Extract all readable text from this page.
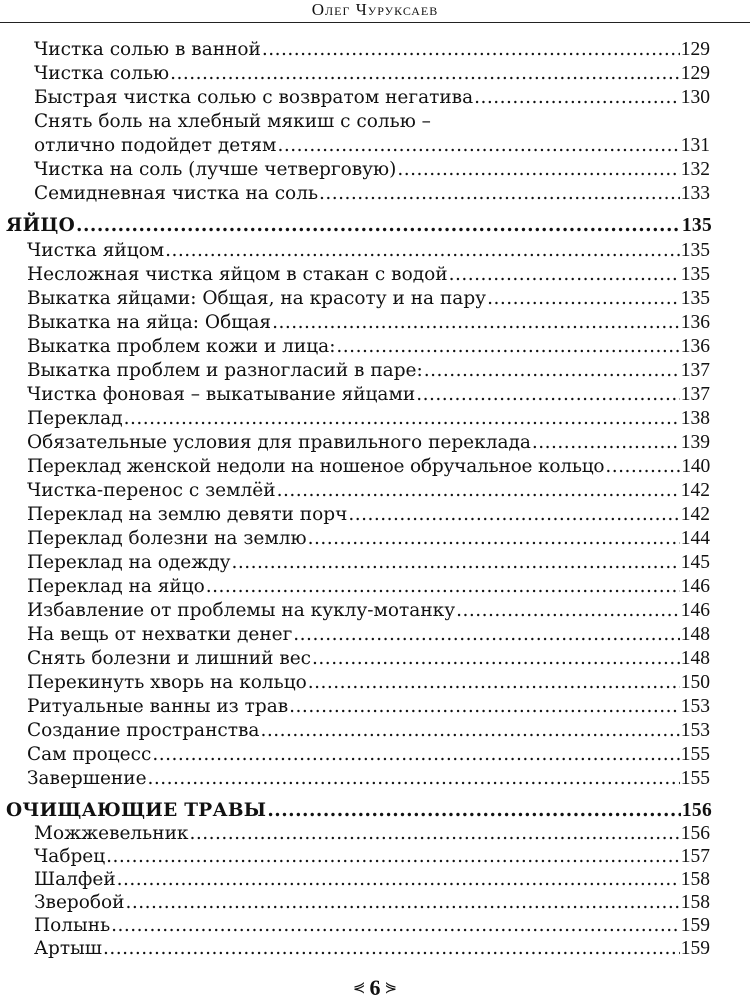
Олег Чуруксаев
Чистка солью в ванной .....	129
Чистка солью .....	129
Быстрая чистка солью с возвратом негатива .....	130
Снять боль на хлебный мякиш с солью –
отлично подойдет детям .....	131
Чистка на соль (лучше четверговую) .....	132
Семидневная чистка на соль .....	133
ЯЙЦО .....	135
Чистка яйцом .....	135
Несложная чистка яйцом в стакан с водой .....	135
Выкатка яйцами: Общая, на красоту и на пару .....	135
Выкатка на яйца: Общая .....	136
Выкатка проблем кожи и лица: .....	136
Выкатка проблем и разногласий в паре: .....	137
Чистка фоновая – выкатывание яйцами .....	137
Переклад .....	138
Обязательные условия для правильного переклада .....	139
Переклад женской недоли на ношеное обручальное кольцо .....	140
Чистка-перенос с землёй .....	142
Переклад на землю девяти порч .....	142
Переклад болезни на землю .....	144
Переклад на одежду .....	145
Переклад на яйцо .....	146
Избавление от проблемы на куклу-мотанку .....	146
На вещь от нехватки денег .....	148
Снять болезни и лишний вес .....	148
Перекинуть хворь на кольцо .....	150
Ритуальные ванны из трав .....	153
Создание пространства .....	153
Сам процесс .....	155
Завершение .....	155
ОЧИЩАЮЩИЕ ТРАВЫ .....	156
Можжевельник .....	156
Чабрец .....	157
Шалфей .....	158
Зверобой .....	158
Полынь .....	159
Артыш .....	159
⋞ 6 ⋟
